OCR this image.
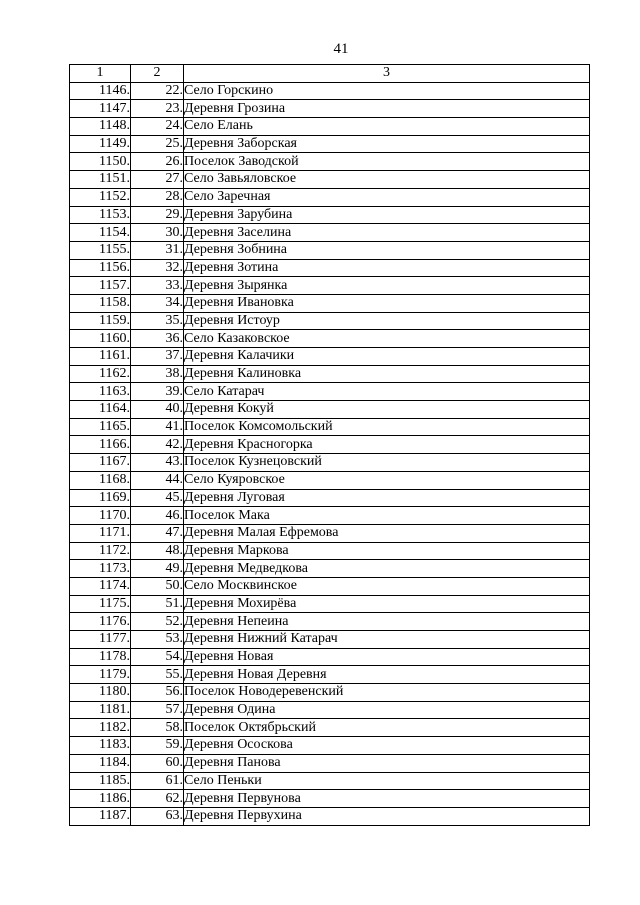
41
1	2	3
1146.	22.	Село Горскино
1147.	23.	Деревня Грозина
1148.	24.	Село Елань
1149.	25.	Деревня Заборская
1150.	26.	Поселок Заводской
1151.	27.	Село Завьяловское
1152.	28.	Село Заречная
1153.	29.	Деревня Зарубина
1154.	30.	Деревня Заселина
1155.	31.	Деревня Зобнина
1156.	32.	Деревня Зотина
1157.	33.	Деревня Зырянка
1158.	34.	Деревня Ивановка
1159.	35.	Деревня Истоур
1160.	36.	Село Казаковское
1161.	37.	Деревня Калачики
1162.	38.	Деревня Калиновка
1163.	39.	Село Катарач
1164.	40.	Деревня Кокуй
1165.	41.	Поселок Комсомольский
1166.	42.	Деревня Красногорка
1167.	43.	Поселок Кузнецовский
1168.	44.	Село Куяровское
1169.	45.	Деревня Луговая
1170.	46.	Поселок Мака
1171.	47.	Деревня Малая Ефремова
1172.	48.	Деревня Маркова
1173.	49.	Деревня Медведкова
1174.	50.	Село Москвинское
1175.	51.	Деревня Мохирёва
1176.	52.	Деревня Непеина
1177.	53.	Деревня Нижний Катарач
1178.	54.	Деревня Новая
1179.	55.	Деревня Новая Деревня
1180.	56.	Поселок Новодеревенский
1181.	57.	Деревня Одина
1182.	58.	Поселок Октябрьский
1183.	59.	Деревня Ососкова
1184.	60.	Деревня Панова
1185.	61.	Село Пеньки
1186.	62.	Деревня Первунова
1187.	63.	Деревня Первухина
